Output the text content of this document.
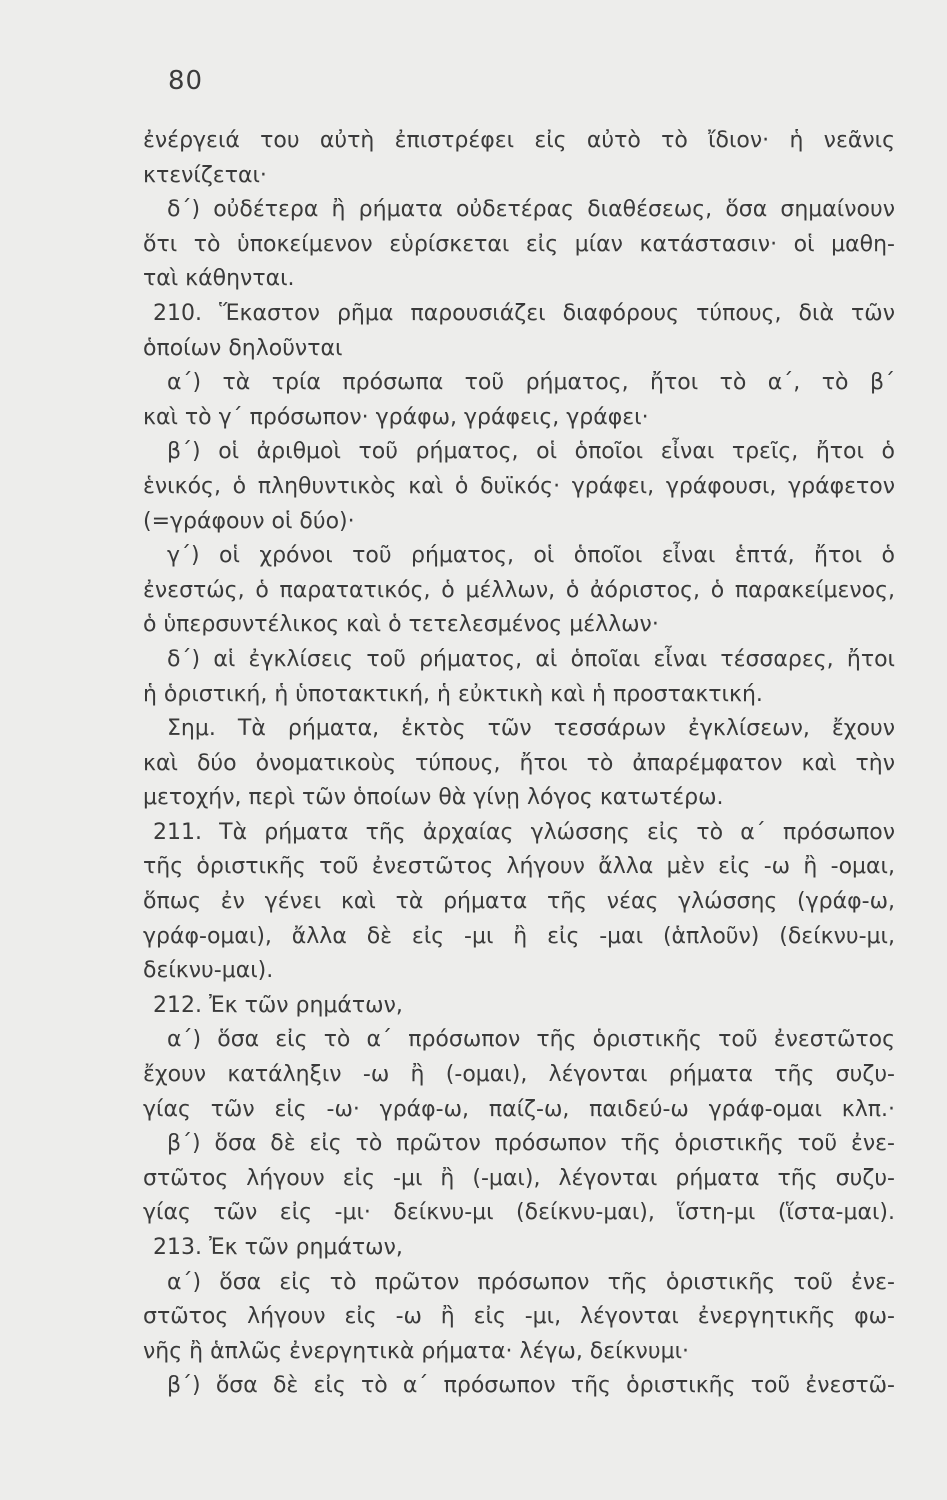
80
ἐνέργειά του αὐτὴ ἐπιστρέφει εἰς αὐτὸ τὸ ἴδιον· ἡ νεᾶνις
κτενίζεται·
δ΄) οὐδέτερα ἢ ρήματα οὐδετέρας διαθέσεως, ὅσα σημαίνουν
ὅτι τὸ ὑποκείμενον εὑρίσκεται εἰς μίαν κατάστασιν· οἱ μαθη-
ταὶ κάθηνται.
210. Ἕκαστον ρῆμα παρουσιάζει διαφόρους τύπους, διὰ τῶν
ὁποίων δηλοῦνται
α΄) τὰ τρία πρόσωπα τοῦ ρήματος, ἤτοι τὸ α΄, τὸ β΄
καὶ τὸ γ΄ πρόσωπον· γράφω, γράφεις, γράφει·
β΄) οἱ ἀριθμοὶ τοῦ ρήματος, οἱ ὁποῖοι εἶναι τρεῖς, ἤτοι ὁ
ἑνικός, ὁ πληθυντικὸς καὶ ὁ δυϊκός· γράφει, γράφουσι, γράφετον
(=γράφουν οἱ δύο)·
γ΄) οἱ χρόνοι τοῦ ρήματος, οἱ ὁποῖοι εἶναι ἑπτά, ἤτοι ὁ
ἐνεστώς, ὁ παρατατικός, ὁ μέλλων, ὁ ἀόριστος, ὁ παρακείμενος,
ὁ ὑπερσυντέλικος καὶ ὁ τετελεσμένος μέλλων·
δ΄) αἱ ἐγκλίσεις τοῦ ρήματος, αἱ ὁποῖαι εἶναι τέσσαρες, ἤτοι
ἡ ὁριστική, ἡ ὑποτακτική, ἡ εὐκτικὴ καὶ ἡ προστακτική.
Σημ. Τὰ ρήματα, ἐκτὸς τῶν τεσσάρων ἐγκλίσεων, ἔχουν
καὶ δύο ὀνοματικοὺς τύπους, ἤτοι τὸ ἀπαρέμφατον καὶ τὴν
μετοχήν, περὶ τῶν ὁποίων θὰ γίνῃ λόγος κατωτέρω.
211. Τὰ ρήματα τῆς ἀρχαίας γλώσσης εἰς τὸ α΄ πρόσωπον
τῆς ὁριστικῆς τοῦ ἐνεστῶτος λήγουν ἄλλα μὲν εἰς -ω ἢ -ομαι,
ὅπως ἐν γένει καὶ τὰ ρήματα τῆς νέας γλώσσης (γράφ-ω,
γράφ-ομαι), ἄλλα δὲ εἰς -μι ἢ εἰς -μαι (ἁπλοῦν) (δείκνυ-μι,
δείκνυ-μαι).
212. Ἐκ τῶν ρημάτων,
α΄) ὅσα εἰς τὸ α΄ πρόσωπον τῆς ὁριστικῆς τοῦ ἐνεστῶτος
ἔχουν κατάληξιν -ω ἢ (-ομαι), λέγονται ρήματα τῆς συζυ-
γίας τῶν εἰς -ω· γράφ-ω, παίζ-ω, παιδεύ-ω γράφ-ομαι κλπ.·
β΄) ὅσα δὲ εἰς τὸ πρῶτον πρόσωπον τῆς ὁριστικῆς τοῦ ἐνε-
στῶτος λήγουν εἰς -μι ἢ (-μαι), λέγονται ρήματα τῆς συζυ-
γίας τῶν εἰς -μι· δείκνυ-μι (δείκνυ-μαι), ἵστη-μι (ἵστα-μαι).
213. Ἐκ τῶν ρημάτων,
α΄) ὅσα εἰς τὸ πρῶτον πρόσωπον τῆς ὁριστικῆς τοῦ ἐνε-
στῶτος λήγουν εἰς -ω ἢ εἰς -μι, λέγονται ἐνεργητικῆς φω-
νῆς ἢ ἁπλῶς ἐνεργητικὰ ρήματα· λέγω, δείκνυμι·
β΄) ὅσα δὲ εἰς τὸ α΄ πρόσωπον τῆς ὁριστικῆς τοῦ ἐνεστῶ-
